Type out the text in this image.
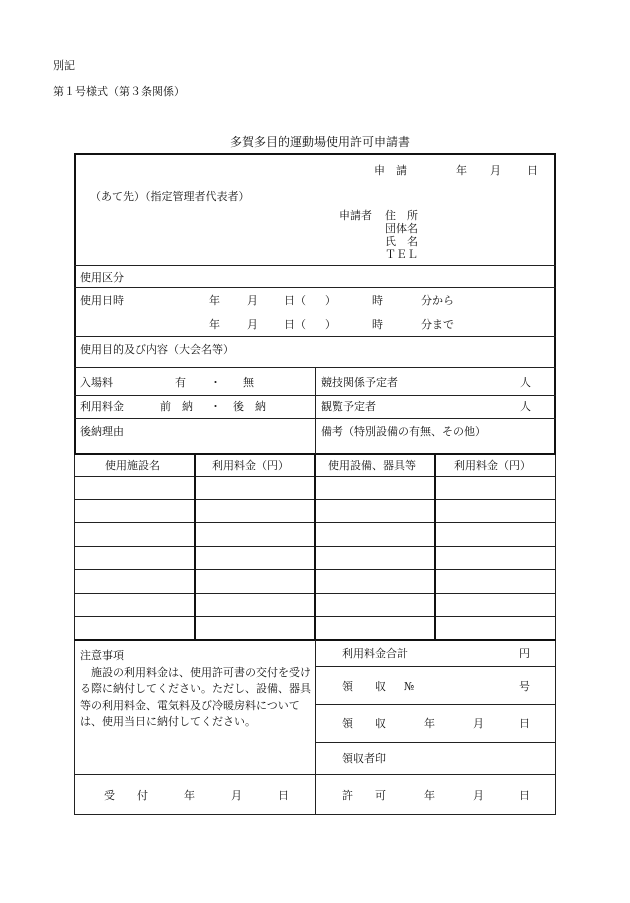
別記
第１号様式（第３条関係）
多賀多目的運動場使用許可申請書
申　請	年 月 日
（あて先）（指定管理者代表者）
申請者 住　所
団体名
氏　名
ＴＥＬ
使用区分
使用日時	年 月 日（ ）	時	分から
年 月 日（ ）	時	分まで
使用目的及び内容（大会名等）
入場料	有 ・ 無	競技関係予定者	人
利用料金	前　納 ・ 後　納	観覧予定者	人
後納理由	備考（特別設備の有無、その他）
使用施設名	利用料金（円）	使用設備、器具等	利用料金（円）

注意事項

施設の利用料金は、使用許可書の交付を受ける際に納付してください。ただし、設備、器具等の利用料金、電気料及び冷暖房料については、使用当日に納付してください。

利用料金合計	円
領　　収 №	号
領　　収	年	月	日
領収者印
受　　付	年	月	日	許　　可	年	月	日
